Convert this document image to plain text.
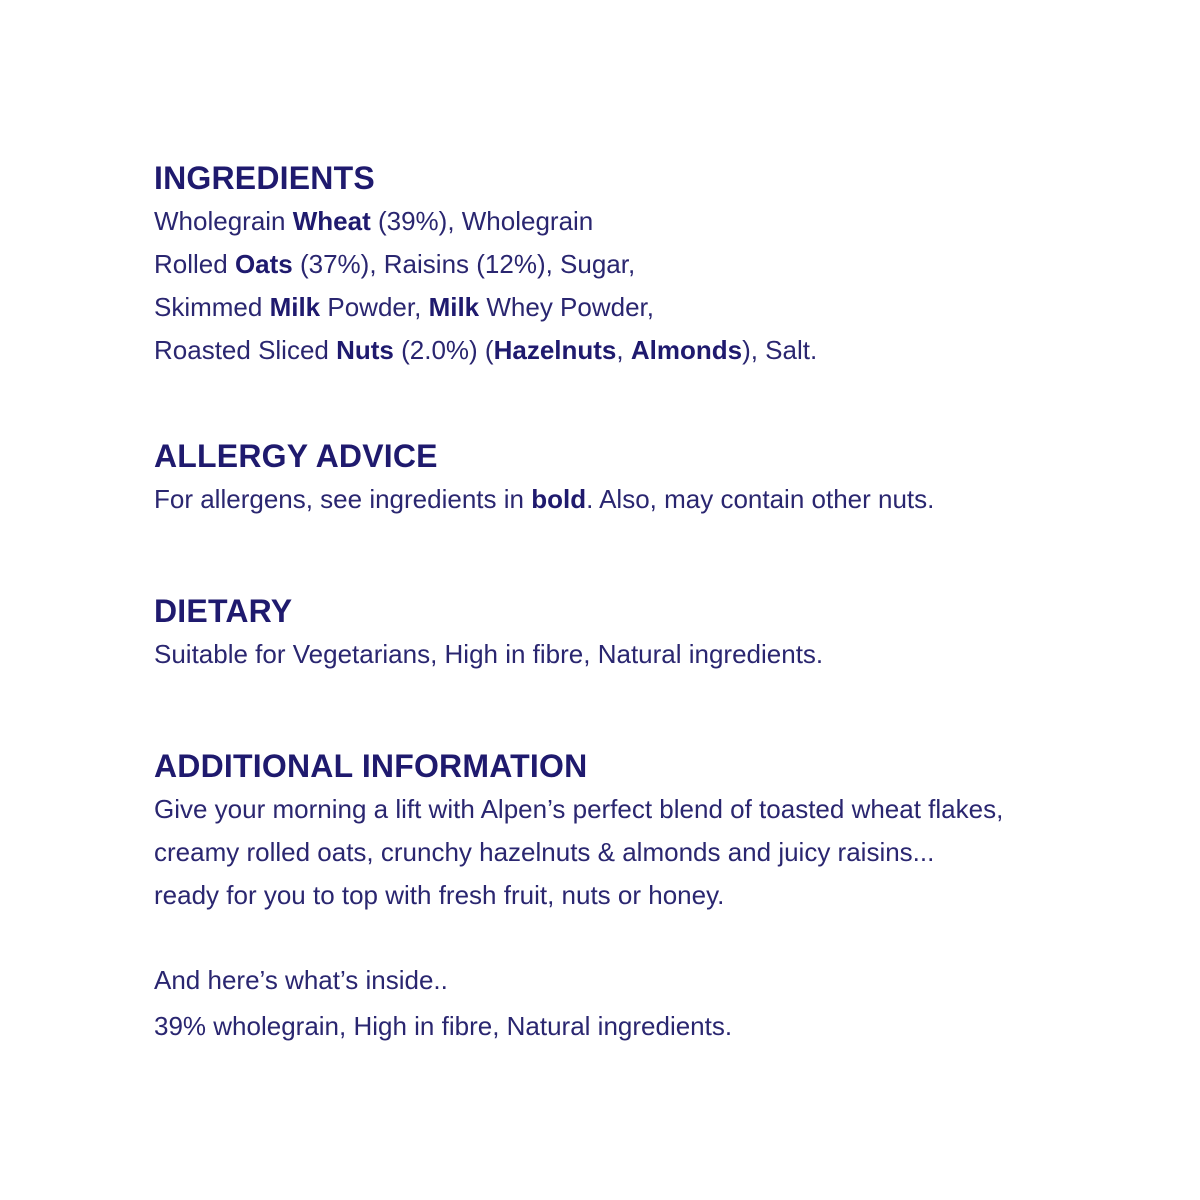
INGREDIENTS

Wholegrain Wheat (39%), Wholegrain

Rolled Oats (37%), Raisins (12%), Sugar,

Skimmed Milk Powder, Milk Whey Powder,

Roasted Sliced Nuts (2.0%) (Hazelnuts, Almonds), Salt.

ALLERGY ADVICE

For allergens, see ingredients in bold. Also, may contain other nuts.

DIETARY

Suitable for Vegetarians, High in fibre, Natural ingredients.

ADDITIONAL INFORMATION

Give your morning a lift with Alpen’s perfect blend of toasted wheat flakes,

creamy rolled oats, crunchy hazelnuts & almonds and juicy raisins...

ready for you to top with fresh fruit, nuts or honey.

And here’s what’s inside..

39% wholegrain, High in fibre, Natural ingredients.
